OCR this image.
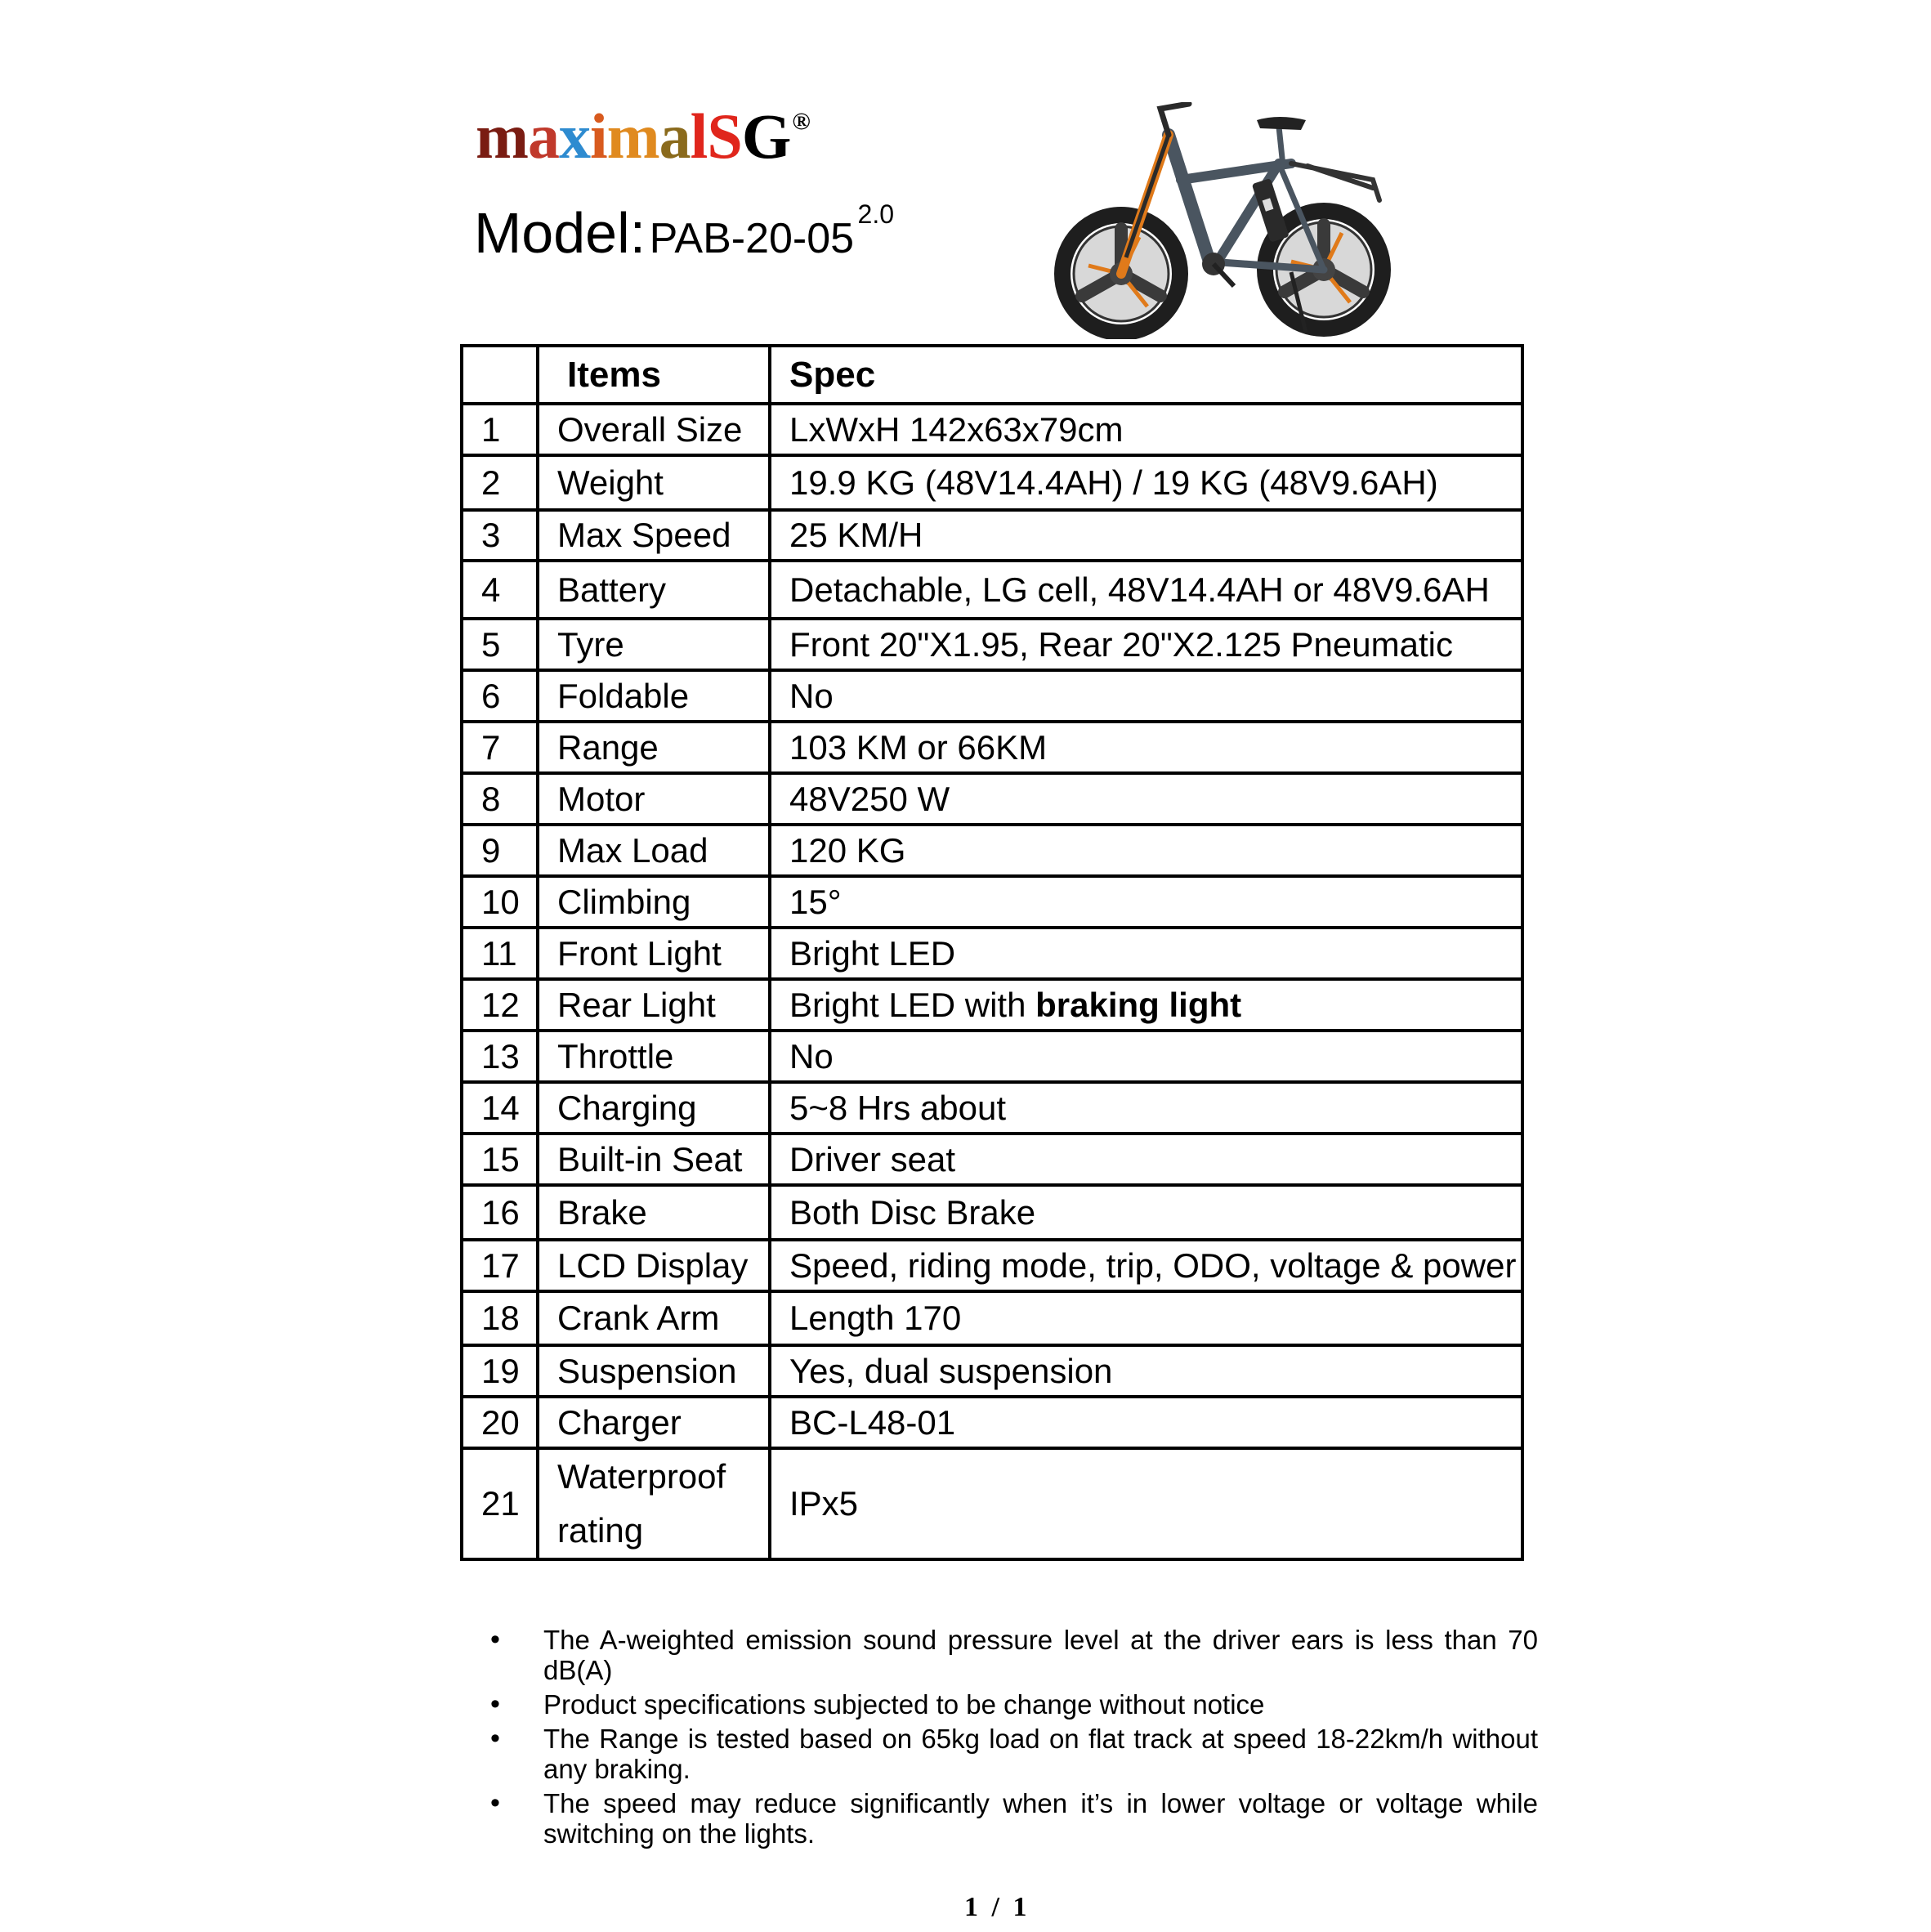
maximalSG®
Model: PAB-20-05 $^{2.0}$
	Items	Spec
1	Overall Size	LxWxH 142x63x79cm
2	Weight	19.9 KG (48V14.4AH) / 19 KG (48V9.6AH)
3	Max Speed	25 KM/H
4	Battery	Detachable, LG cell, 48V14.4AH or 48V9.6AH
5	Tyre	Front 20"X1.95, Rear 20"X2.125 Pneumatic
6	Foldable	No
7	Range	103 KM or 66KM
8	Motor	48V250 W
9	Max Load	120 KG
10	Climbing	15°
11	Front Light	Bright LED
12	Rear Light	Bright LED with braking light
13	Throttle	No
14	Charging	5~8 Hrs about
15	Built-in Seat	Driver seat
16	Brake	Both Disc Brake
17	LCD Display	Speed, riding mode, trip, ODO, voltage & power
18	Crank Arm	Length 170
19	Suspension	Yes, dual suspension
20	Charger	BC-L48-01
21	Waterproof rating	IPx5
• The A-weighted emission sound pressure level at the driver ears is less than 70 dB(A)
• Product specifications subjected to be change without notice
• The Range is tested based on 65kg load on flat track at speed 18-22km/h without any braking.
• The speed may reduce significantly when it’s in lower voltage or voltage while switching on the lights.
1 / 1
